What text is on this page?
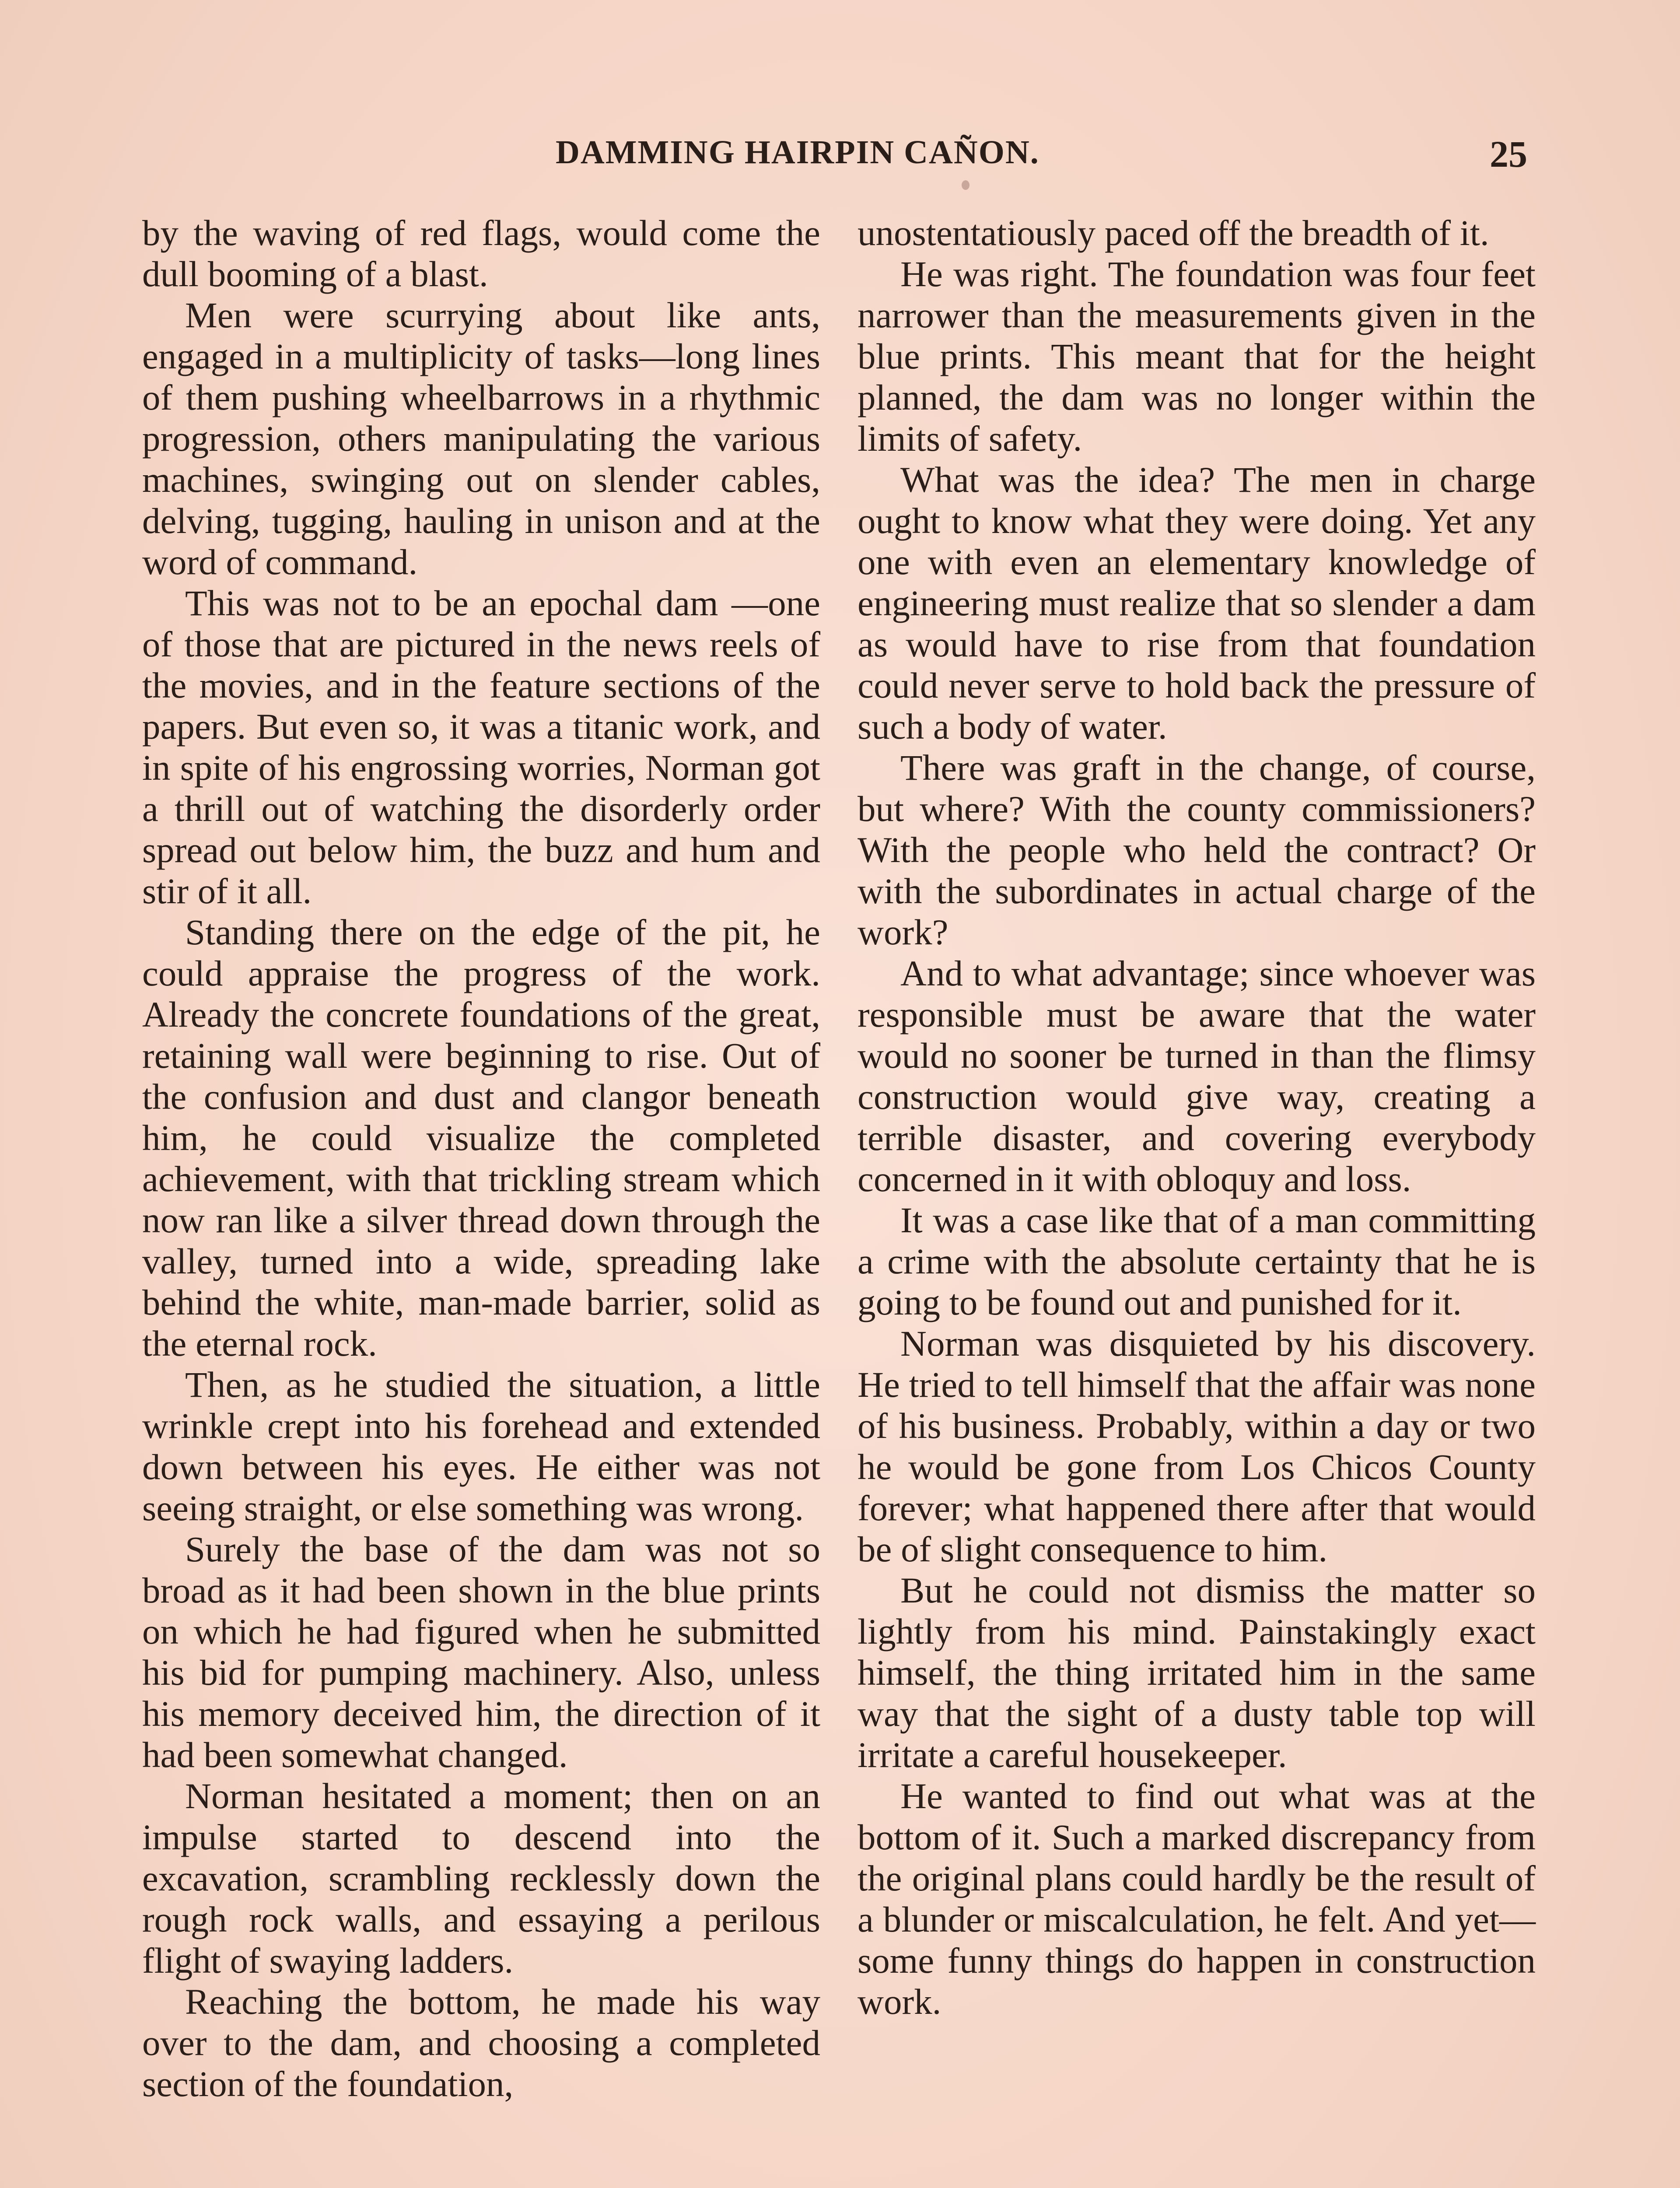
DAMMING HAIRPIN CAÑON.	25

by the waving of red flags, would come the dull booming of a blast.

Men were scurrying about like ants, engaged in a multiplicity of tasks—long lines of them pushing wheelbarrows in a rhythmic progression, others manipulating the various machines, swinging out on slender cables, delving, tugging, hauling in unison and at the word of command.

This was not to be an epochal dam —one of those that are pictured in the news reels of the movies, and in the feature sections of the papers. But even so, it was a titanic work, and in spite of his engrossing worries, Norman got a thrill out of watching the disorderly order spread out below him, the buzz and hum and stir of it all.

Standing there on the edge of the pit, he could appraise the progress of the work. Already the concrete foundations of the great, retaining wall were beginning to rise. Out of the confusion and dust and clangor beneath him, he could visualize the completed achievement, with that trickling stream which now ran like a silver thread down through the valley, turned into a wide, spreading lake behind the white, man-made barrier, solid as the eternal rock.

Then, as he studied the situation, a little wrinkle crept into his forehead and extended down between his eyes. He either was not seeing straight, or else something was wrong.

Surely the base of the dam was not so broad as it had been shown in the blue prints on which he had figured when he submitted his bid for pumping machinery. Also, unless his memory deceived him, the direction of it had been somewhat changed.

Norman hesitated a moment; then on an impulse started to descend into the excavation, scrambling recklessly down the rough rock walls, and essaying a perilous flight of swaying ladders.

Reaching the bottom, he made his way over to the dam, and choosing a completed section of the foundation,

unostentatiously paced off the breadth of it.

He was right. The foundation was four feet narrower than the measurements given in the blue prints. This meant that for the height planned, the dam was no longer within the limits of safety.

What was the idea? The men in charge ought to know what they were doing. Yet any one with even an elementary knowledge of engineering must realize that so slender a dam as would have to rise from that foundation could never serve to hold back the pressure of such a body of water.

There was graft in the change, of course, but where? With the county commissioners? With the people who held the contract? Or with the subordinates in actual charge of the work?

And to what advantage; since whoever was responsible must be aware that the water would no sooner be turned in than the flimsy construction would give way, creating a terrible disaster, and covering everybody concerned in it with obloquy and loss.

It was a case like that of a man committing a crime with the absolute certainty that he is going to be found out and punished for it.

Norman was disquieted by his discovery. He tried to tell himself that the affair was none of his business. Probably, within a day or two he would be gone from Los Chicos County forever; what happened there after that would be of slight consequence to him.

But he could not dismiss the matter so lightly from his mind. Painstakingly exact himself, the thing irritated him in the same way that the sight of a dusty table top will irritate a careful housekeeper.

He wanted to find out what was at the bottom of it. Such a marked discrepancy from the original plans could hardly be the result of a blunder or miscalculation, he felt. And yet—some funny things do happen in construction work.
